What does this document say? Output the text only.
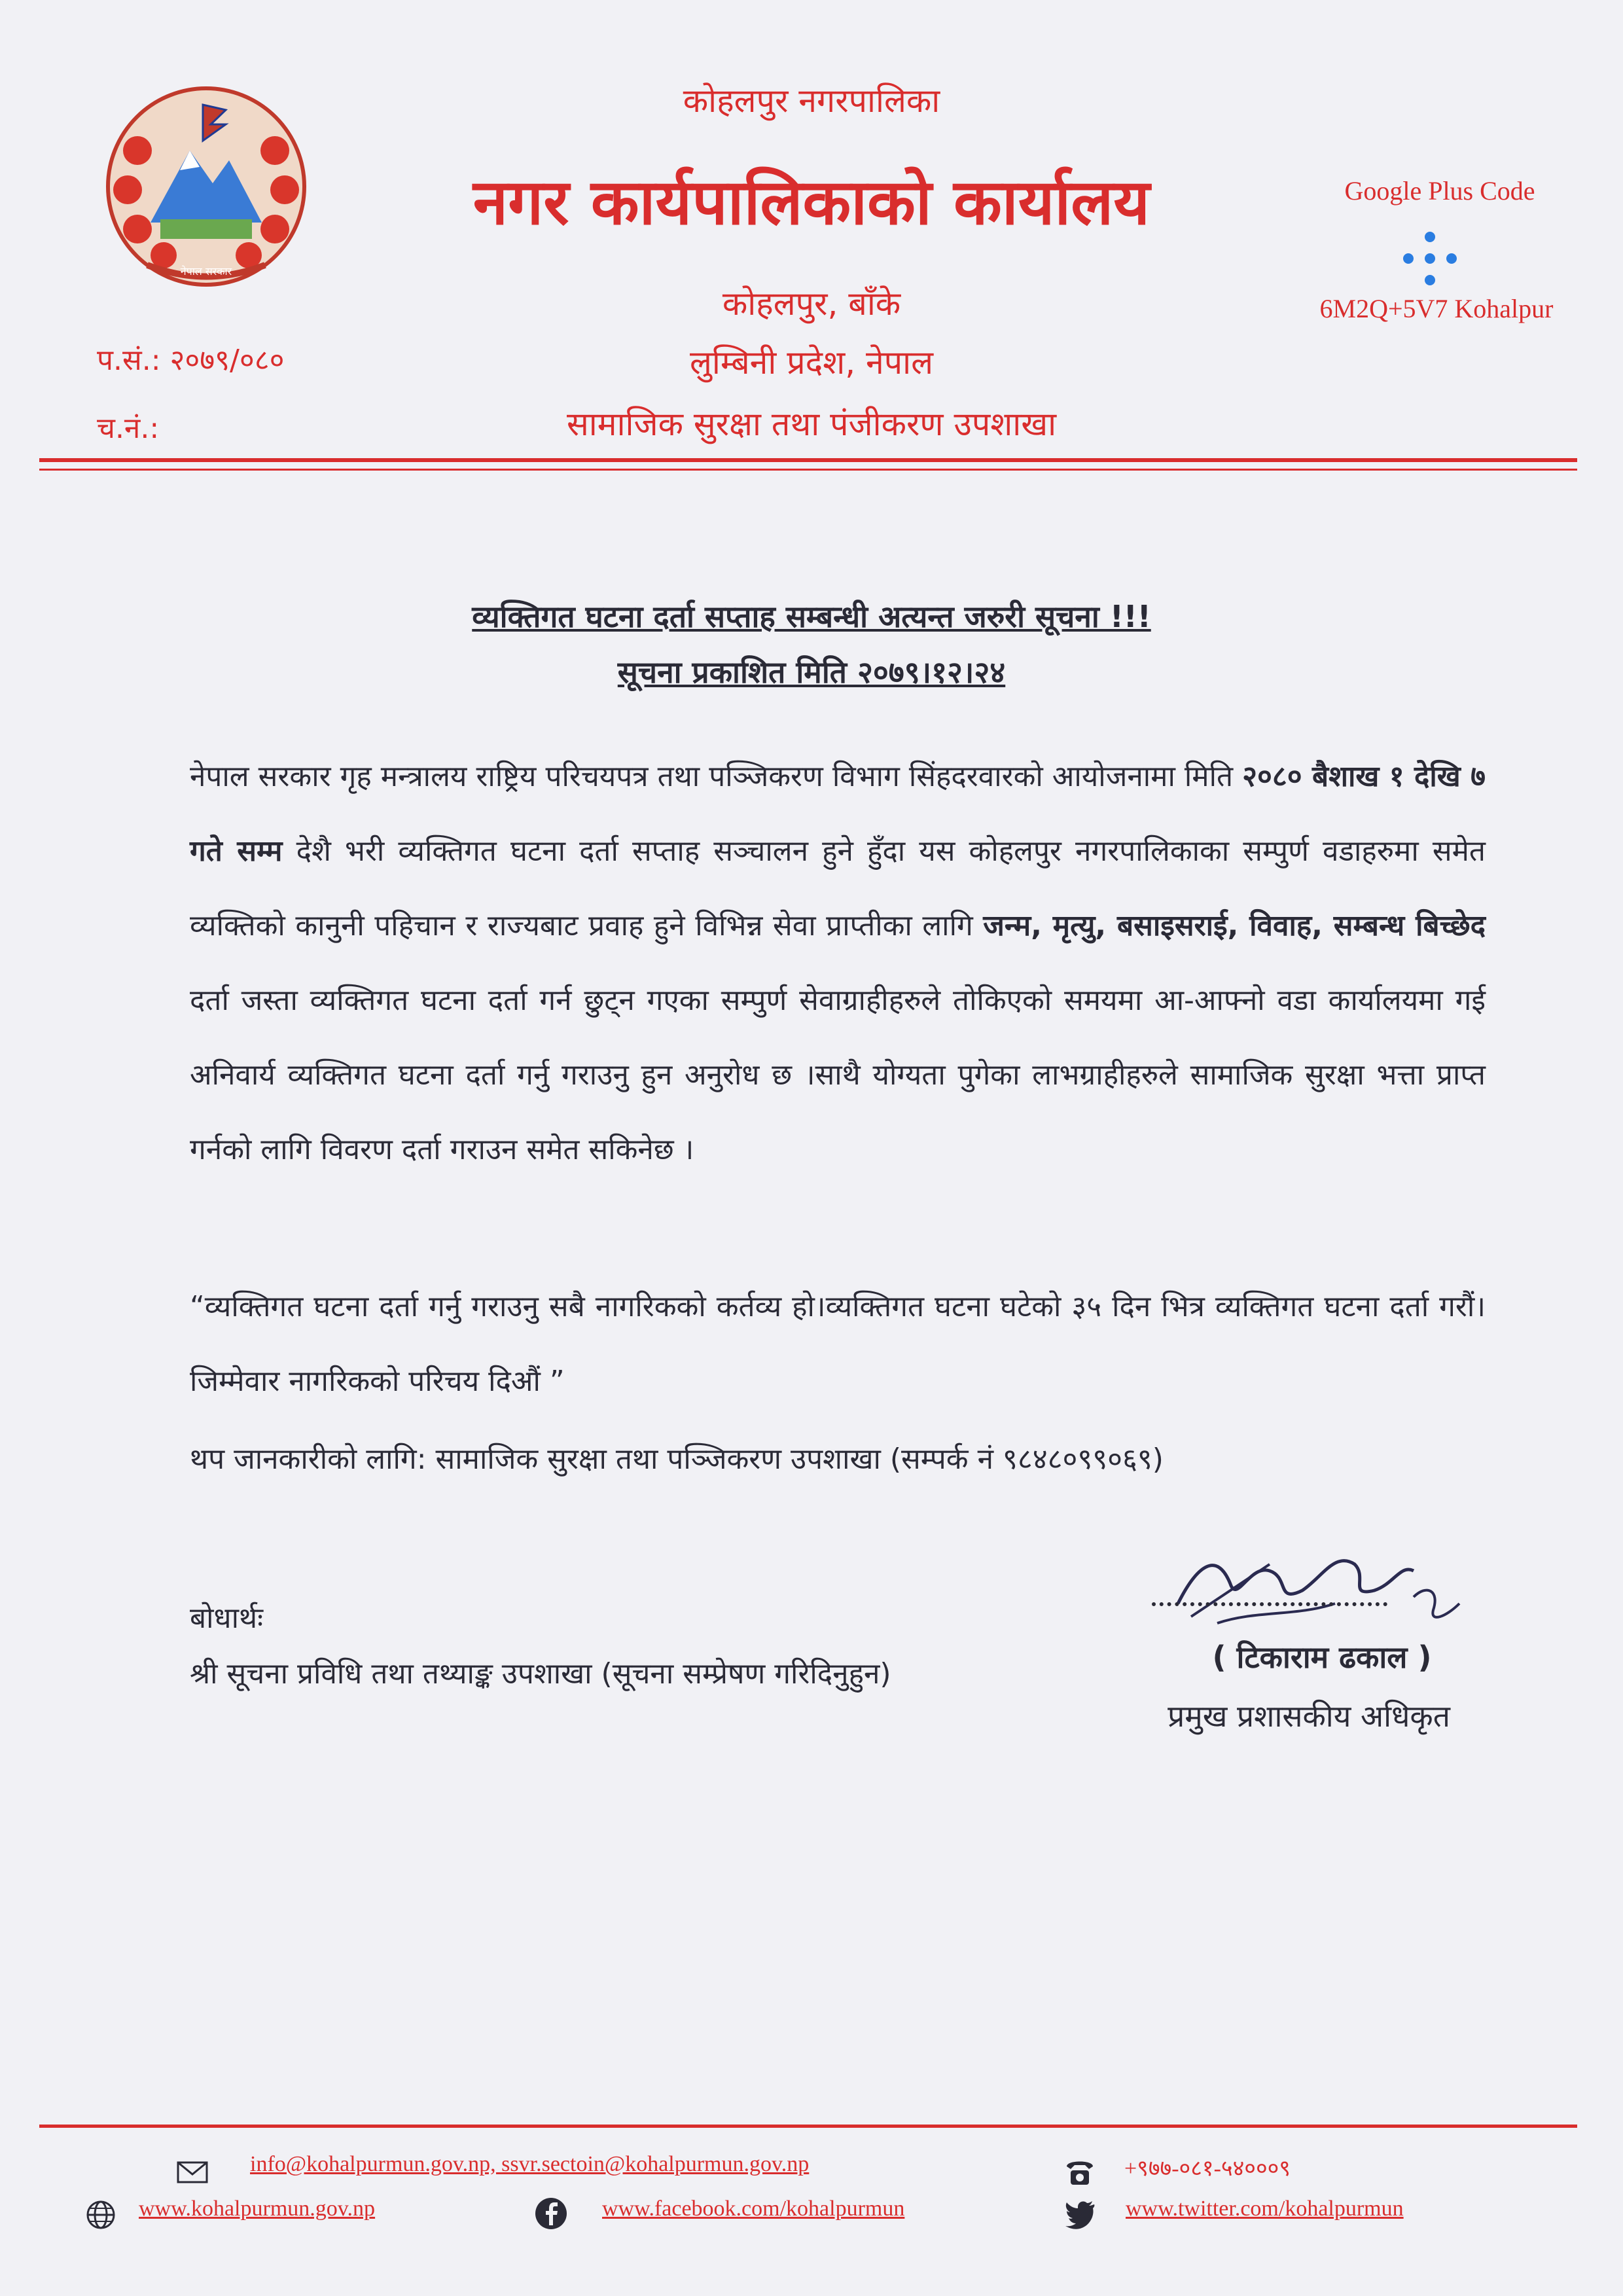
नेपाल सरकार
कोहलपुर नगरपालिका
नगर कार्यपालिकाको कार्यालय
कोहलपुर, बाँके
लुम्बिनी प्रदेश, नेपाल
सामाजिक सुरक्षा तथा पंजीकरण उपशाखा
प.सं.: २०७९/०८०
च.नं.:
Google Plus Code
6M2Q+5V7 Kohalpur
व्यक्तिगत घटना दर्ता सप्ताह सम्बन्धी अत्यन्त जरुरी सूचना !!!
सूचना प्रकाशित मिति २०७९।१२।२४
नेपाल सरकार गृह मन्त्रालय राष्ट्रिय परिचयपत्र तथा पञ्जिकरण विभाग सिंहदरवारको आयोजनामा मिति २०८० बैशाख १ देखि ७ गते सम्म देशै भरी व्यक्तिगत घटना दर्ता सप्ताह सञ्चालन हुने हुँदा यस कोहलपुर नगरपालिकाका सम्पुर्ण वडाहरुमा समेत व्यक्तिको कानुनी पहिचान र राज्यबाट प्रवाह हुने विभिन्न सेवा प्राप्तीका लागि जन्म, मृत्यु, बसाइसराई, विवाह, सम्बन्ध बिच्छेद दर्ता जस्ता व्यक्तिगत घटना दर्ता गर्न छुट्न गएका सम्पुर्ण सेवाग्राहीहरुले तोकिएको समयमा आ-आफ्नो वडा कार्यालयमा गई अनिवार्य व्यक्तिगत घटना दर्ता गर्नु गराउनु हुन अनुरोध छ ।साथै योग्यता पुगेका लाभग्राहीहरुले सामाजिक सुरक्षा भत्ता प्राप्त गर्नको लागि विवरण दर्ता गराउन समेत सकिनेछ ।
“व्यक्तिगत घटना दर्ता गर्नु गराउनु सबै नागरिकको कर्तव्य हो।व्यक्तिगत घटना घटेको ३५ दिन भित्र व्यक्तिगत घटना दर्ता गरौं।जिम्मेवार नागरिकको परिचय दिऔं ”
थप जानकारीको लागि: सामाजिक सुरक्षा तथा पञ्जिकरण उपशाखा (सम्पर्क नं ९८४८०९९०६९)
बोधार्थः
श्री सूचना प्रविधि तथा तथ्याङ्क उपशाखा (सूचना सम्प्रेषण गरिदिनुहुन)	( टिकाराम ढकाल )
प्रमुख प्रशासकीय अधिकृत
info@kohalpurmun.gov.np, ssvr.sectoin@kohalpurmun.gov.np	+९७७-०८१-५४०००९
www.kohalpurmun.gov.np	www.facebook.com/kohalpurmun	www.twitter.com/kohalpurmun
